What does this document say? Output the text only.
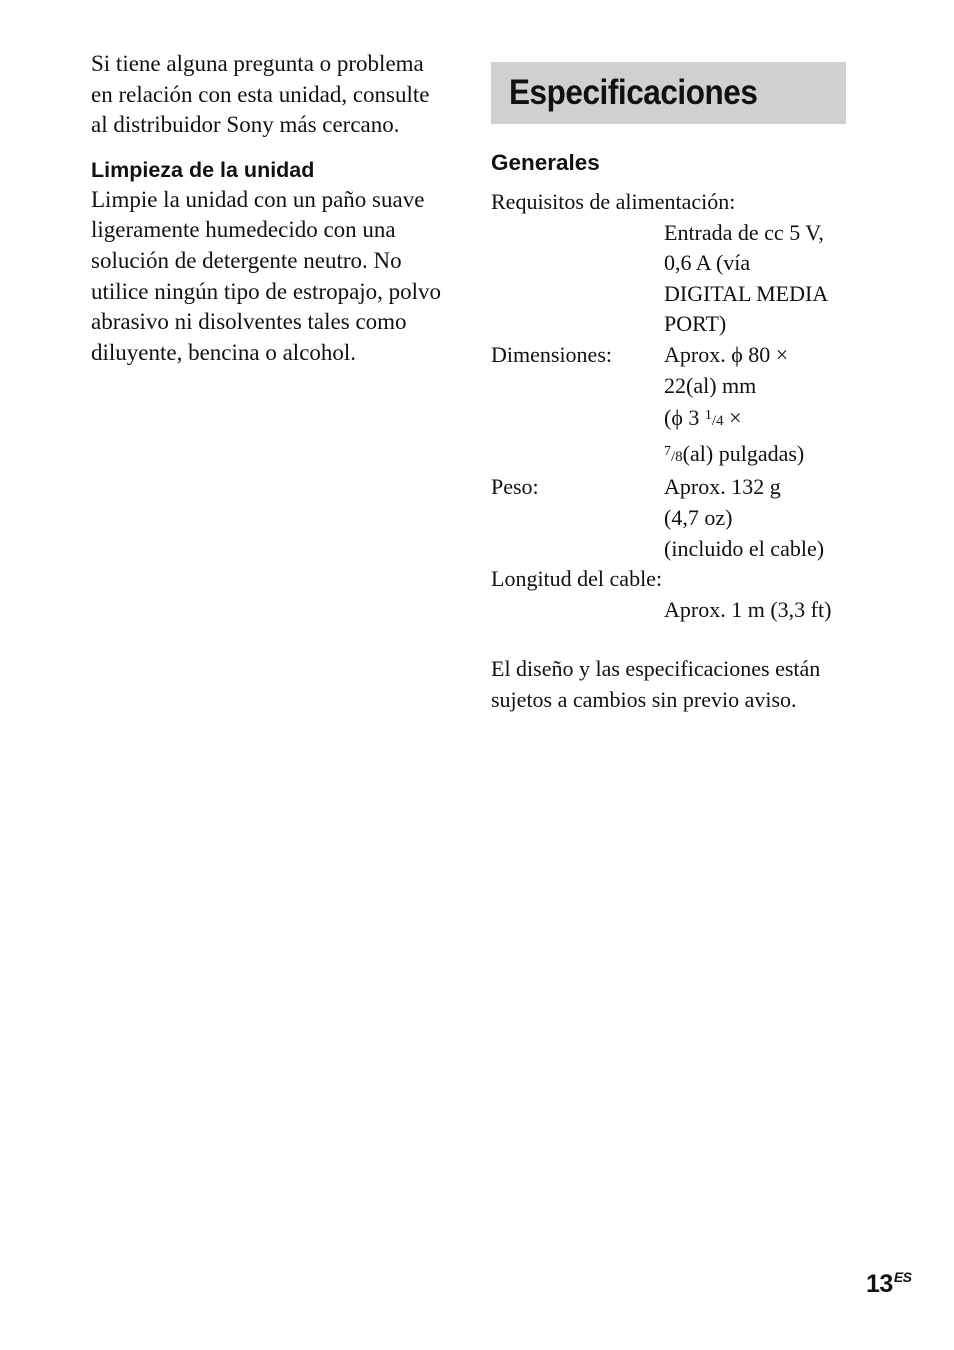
Si tiene alguna pregunta o problema en relación con esta unidad, consulte al distribuidor Sony más cercano.

Limpieza de la unidad

Limpie la unidad con un paño suave ligeramente humedecido con una solución de detergente neutro. No utilice ningún tipo de estropajo, polvo abrasivo ni disolventes tales como diluyente, bencina o alcohol.

Especificaciones
Generales
Requisitos de alimentación:
Entrada de cc 5 V,
0,6 A (vía
DIGITAL MEDIA
PORT)
Dimensiones: Aprox. ϕ 80 ×
22(al) mm
(ϕ 3 $^1$/4 ×
$^7$/8(al) pulgadas)
Peso:	Aprox. 132 g
(4,7 oz)
(incluido el cable)
Longitud del cable:
Aprox. 1 m (3,3 ft)

El diseño y las especificaciones están sujetos a cambios sin previo aviso.

$13^{ES}$
